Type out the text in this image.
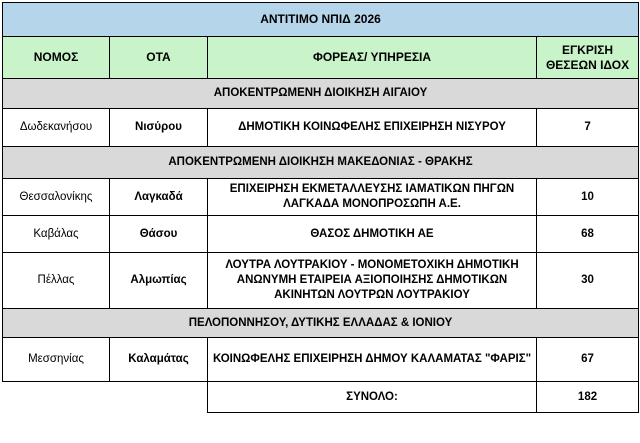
ΑΝΤΙΤΙΜΟ ΝΠΙΔ 2026			
ΝΟΜΟΣ	ΟΤΑ	ΦΟΡΕΑΣ/ ΥΠΗΡΕΣΙΑ	ΕΓΚΡΙΣΗ ΘΕΣΕΩΝ ΙΔΟΧ
ΑΠΟΚΕΝΤΡΩΜΕΝΗ ΔΙΟΙΚΗΣΗ ΑΙΓΑΙΟΥ			
Δωδεκανήσου	Νισύρου	ΔΗΜΟΤΙΚΗ ΚΟΙΝΩΦΕΛΗΣ ΕΠΙΧΕΙΡΗΣΗ ΝΙΣΥΡΟΥ	7
ΑΠΟΚΕΝΤΡΩΜΕΝΗ ΔΙΟΙΚΗΣΗ ΜΑΚΕΔΟΝΙΑΣ - ΘΡΑΚΗΣ			
Θεσσαλονίκης	Λαγκαδά	ΕΠΙΧΕΙΡΗΣΗ ΕΚΜΕΤΑΛΛΕΥΣΗΣ ΙΑΜΑΤΙΚΩΝ ΠΗΓΩΝ ΛΑΓΚΑΔΑ ΜΟΝΟΠΡΟΣΩΠΗ Α.Ε.	10
Καβάλας	Θάσου	ΘΑΣΟΣ ΔΗΜΟΤΙΚΗ ΑΕ	68
Πέλλας	Αλμωπίας	ΛΟΥΤΡΑ ΛΟΥΤΡΑΚΙΟΥ - ΜΟΝΟΜΕΤΟΧΙΚΗ ΔΗΜΟΤΙΚΗ ΑΝΩΝΥΜΗ ΕΤΑΙΡΕΙΑ ΑΞΙΟΠΟΙΗΣΗΣ ΔΗΜΟΤΙΚΩΝ ΑΚΙΝΗΤΩΝ ΛΟΥΤΡΩΝ ΛΟΥΤΡΑΚΙΟΥ	30
ΠΕΛΟΠΟΝΝΗΣΟΥ, ΔΥΤΙΚΗΣ ΕΛΛΑΔΑΣ & ΙΟΝΙΟΥ			
Μεσσηνίας	Καλαμάτας	ΚΟΙΝΩΦΕΛΗΣ ΕΠΙΧΕΙΡΗΣΗ ΔΗΜΟΥ ΚΑΛΑΜΑΤΑΣ "ΦΑΡΙΣ"	67
		ΣΥΝΟΛΟ:	182
